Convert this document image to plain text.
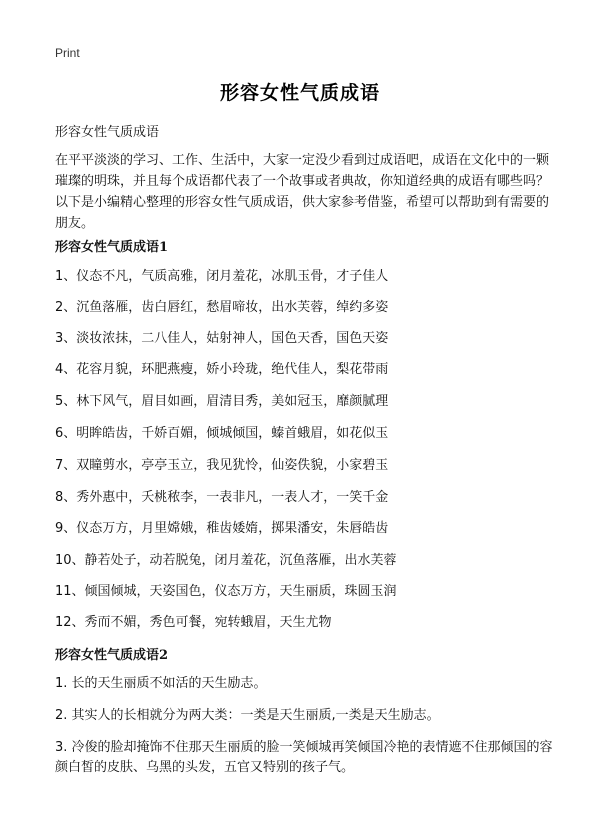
Print
形容女性气质成语
形容女性气质成语

在平平淡淡的学习、工作、生活中，大家一定没少看到过成语吧，成语在文化中的一颗璀璨的明珠，并且每个成语都代表了一个故事或者典故，你知道经典的成语有哪些吗？以下是小编精心整理的形容女性气质成语，供大家参考借鉴，希望可以帮助到有需要的朋友。

形容女性气质成语1
1、仪态不凡，气质高雅，闭月羞花，冰肌玉骨，才子佳人
2、沉鱼落雁，齿白唇红，愁眉啼妆，出水芙蓉，绰约多姿
3、淡妆浓抹，二八佳人，姑射神人，国色天香，国色天姿
4、花容月貌，环肥燕瘦，娇小玲珑，绝代佳人，梨花带雨
5、林下风气，眉目如画，眉清目秀，美如冠玉，靡颜腻理
6、明眸皓齿，千娇百媚，倾城倾国，螓首蛾眉，如花似玉
7、双瞳剪水，亭亭玉立，我见犹怜，仙姿佚貌，小家碧玉
8、秀外惠中，夭桃秾李，一表非凡，一表人才，一笑千金
9、仪态万方，月里嫦娥，稚齿婑媠，掷果潘安，朱唇皓齿
10、静若处子，动若脱兔，闭月羞花，沉鱼落雁，出水芙蓉
11、倾国倾城，天姿国色，仪态万方，天生丽质，珠圆玉润
12、秀而不媚，秀色可餐，宛转蛾眉，天生尤物
形容女性气质成语2

1. 长的天生丽质不如活的天生励志。

2. 其实人的长相就分为两大类：一类是天生丽质,一类是天生励志。

3. 冷俊的脸却掩饰不住那天生丽质的脸一笑倾城再笑倾国冷艳的表情遮不住那倾国的容颜白皙的皮肤、乌黑的头发，五官又特别的孩子气。
